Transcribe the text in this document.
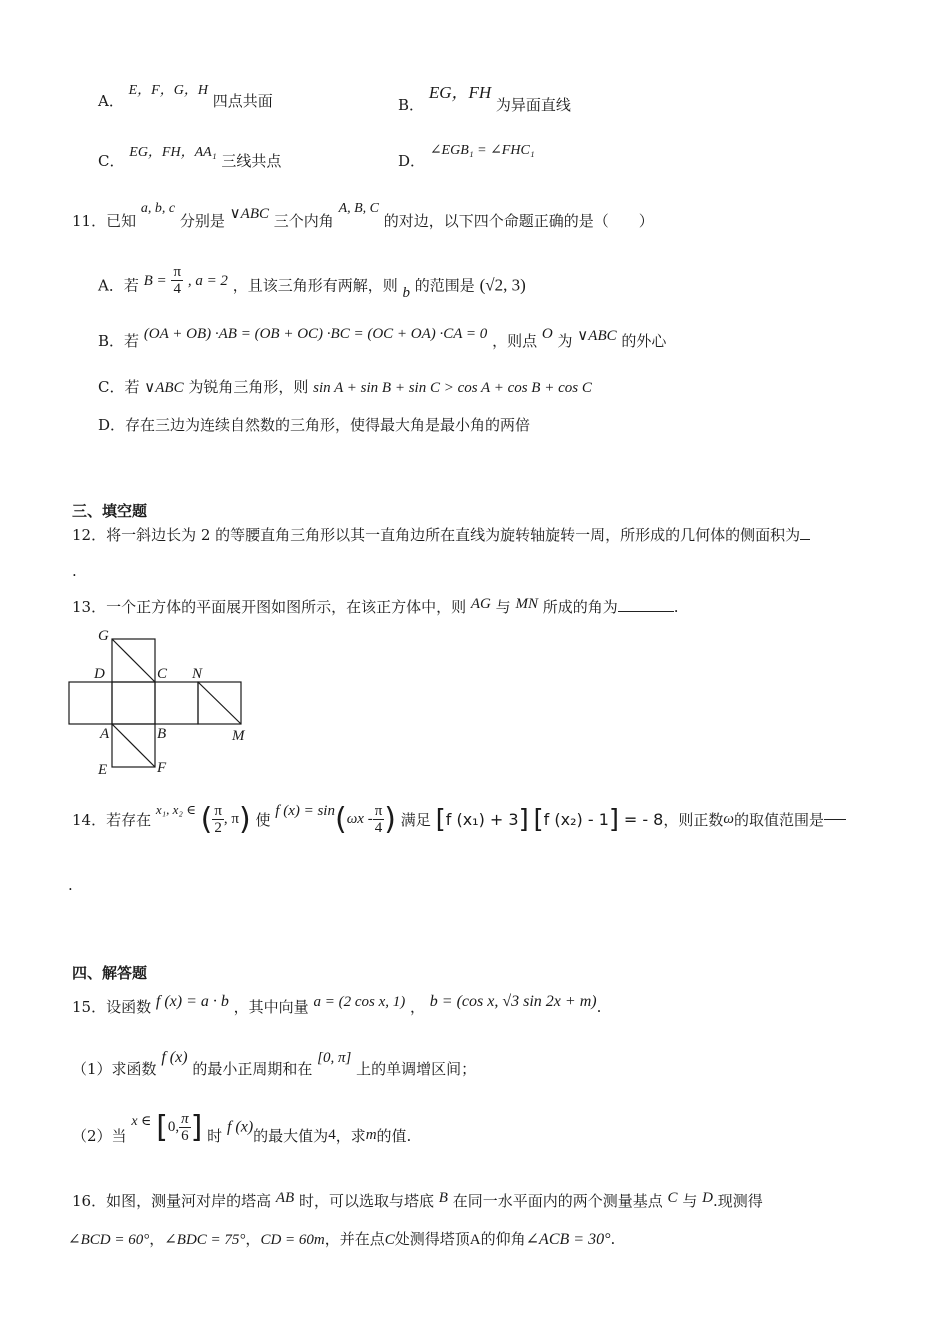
A． E，F，G，H 四点共面	B． EG，FH 为异面直线
C． EG，FH，AA₁ 三线共点	D． ∠EGB₁ = ∠FHC₁
11．已知 a, b, c 分别是 ∨ABC 三个内角 A, B, C 的对边，以下四个命题正确的是（　　）
A．若 $B = \frac{\pi}{4}$ , a = 2 ，且该三角形有两解，则 b 的范围是 (√2, 3)
B．若 (OA + OB) ·AB = (OB + OC) ·BC = (OC + OA) ·CA = 0 ，则点 O 为 ∨ABC 的外心
C．若 ∨ABC 为锐角三角形，则 sin A + sin B + sin C > cos A + cos B + cos C
D．存在三边为连续自然数的三角形，使得最大角是最小角的两倍
三、填空题
12．将一斜边长为 2 的等腰直角三角形以其一直角边所在直线为旋转轴旋转一周，所形成的几何体的侧面积为
.
13．一个正方体的平面展开图如图所示，在该正方体中，则 AG 与 MN 所成的角为	.
G
D	C N
A	B	M
E	F
14．若存在 x₁, x₂ ∈ ( $\frac{\pi}{2}$ , π) 使 f $(x) = \sin(\omega x - \frac{\pi}{4}$ ) 满足 [f (x₁) + 3] [f (x₂) - 1] = - 8，则正数ω的取值范围是
.
四、解答题
15．设函数 f (x) = a · b ，其中向量 a = (2 cos x, 1) ， b = (cos x, √3 sin 2x + m).
（1）求函数 f (x) 的最小正周期和在 [0, π] 上的单调增区间；
（2）当 x ∈ [0, $\frac{\pi}{6}$ ] 时 f (x)的最大值为4，求m的值.
16．如图，测量河对岸的塔高 AB 时，可以选取与塔底 B 在同一水平面内的两个测量基点 C 与 D.现测得
∠BCD = 60°，∠BDC = 75°，CD = 60m，并在点C处测得塔顶A的仰角∠ACB = 30°.
